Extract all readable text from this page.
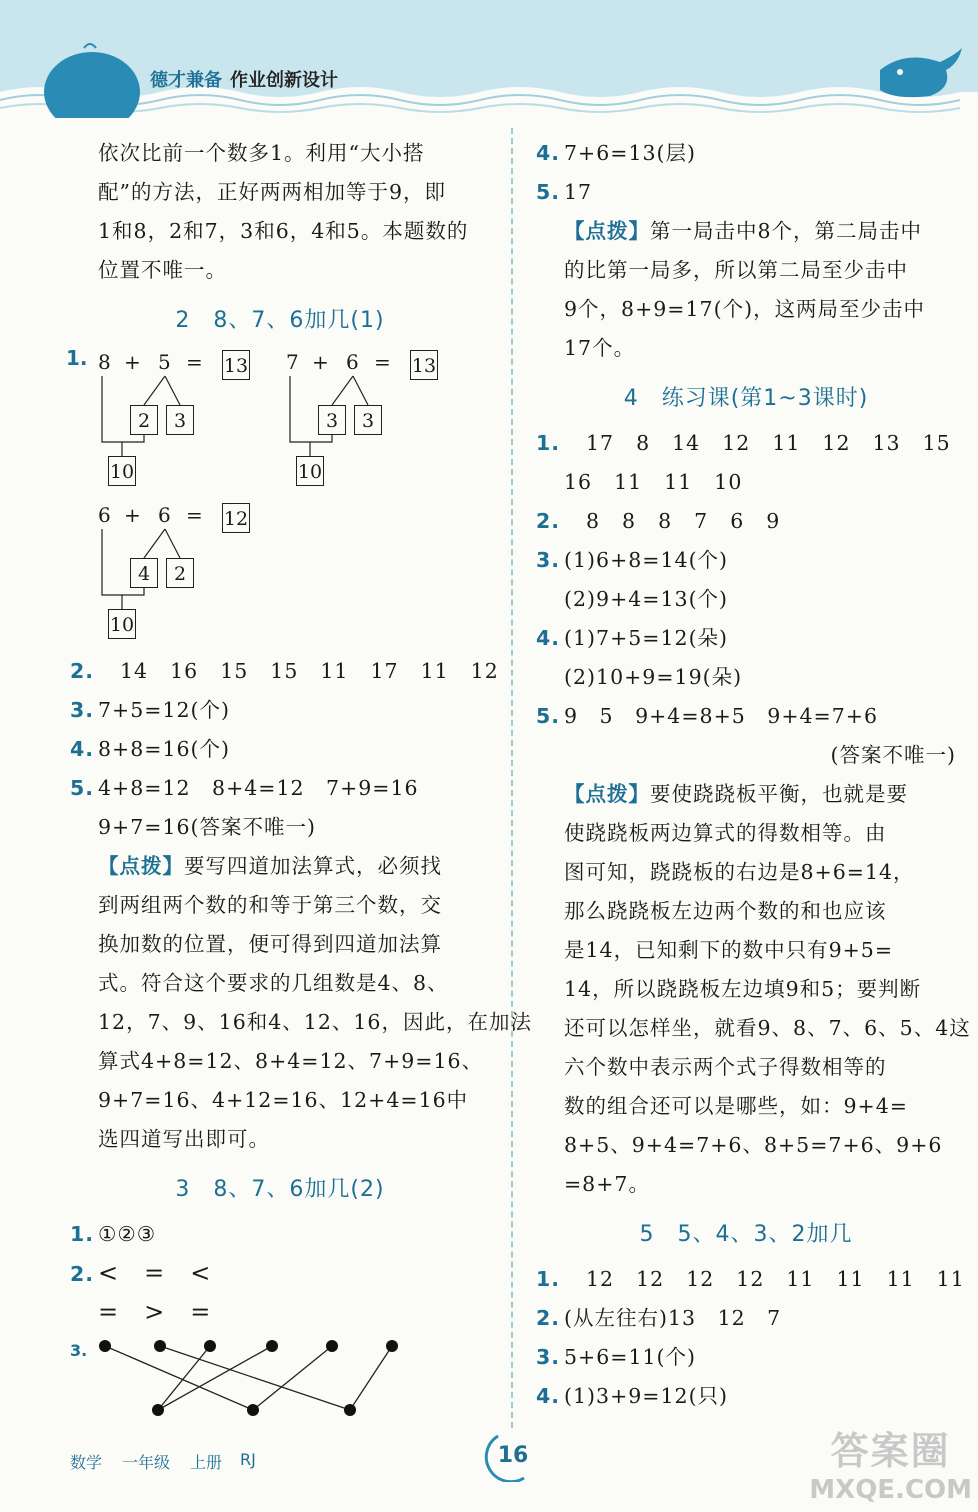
德才兼备 作业创新设计
依次比前一个数多1。利用“大小搭
配”的方法，正好两两相加等于9，即
1和8，2和7，3和6，4和5。本题数的
位置不唯一。
2　8、7、6加几(1)
1. 8 + 5 = 13
2	3
10
7 + 6 = 13
3	3
10
6 + 6 = 12
4	2
10
2. 14 16 15 15 11 17 11 12
3. 7+5=12(个)
4. 8+8=16(个)
5. 4+8=12　8+4=12　7+9=16
9+7=16(答案不唯一)
【点拨】要写四道加法算式，必须找
到两组两个数的和等于第三个数，交
换加数的位置，便可得到四道加法算
式。符合这个要求的几组数是4、8、
12，7、9、16和4、12、16，因此，在加法
算式4+8=12、8+4=12、7+9=16、
9+7=16、4+12=16、12+4=16中
选四道写出即可。
3　8、7、6加几(2)
1. ①②③
2. <　=　<
=　>　=
3.
4. 7+6=13(层)
5. 17
【点拨】第一局击中8个，第二局击中
的比第一局多，所以第二局至少击中
9个，8+9=17(个)，这两局至少击中
17个。
4　练习课(第1~3课时)
1. 17 8 14 12 11 12 13 15
16 11 11 10
2. 8 8 8 7 6 9
3. (1)6+8=14(个)
(2)9+4=13(个)
4. (1)7+5=12(朵)
(2)10+9=19(朵)
5. 9　5　9+4=8+5　9+4=7+6
(答案不唯一)
【点拨】要使跷跷板平衡，也就是要
使跷跷板两边算式的得数相等。由
图可知，跷跷板的右边是8+6=14，
那么跷跷板左边两个数的和也应该
是14，已知剩下的数中只有9+5=
14，所以跷跷板左边填9和5；要判断
还可以怎样坐，就看9、8、7、6、5、4这
六个数中表示两个式子得数相等的
数的组合还可以是哪些，如：9+4=
8+5、9+4=7+6、8+5=7+6、9+6
=8+7。
5　5、4、3、2加几
1. 12 12 12 12 11 11 11 11
2. (从左往右)13　12　7
3. 5+6=11(个)
4. (1)3+9=12(只)
数学 一年级 上册 RJ	16	答案圈
MXQE.COM
